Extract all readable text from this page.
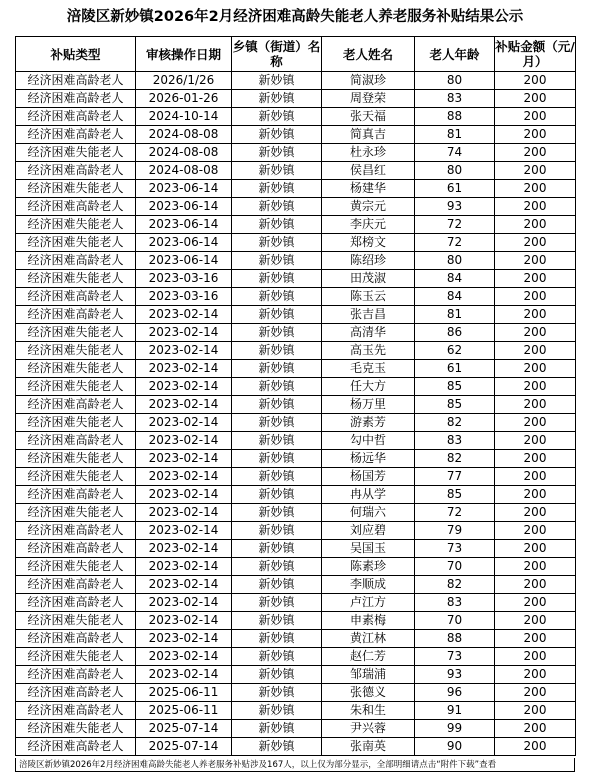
涪陵区新妙镇2026年2月经济困难高龄失能老人养老服务补贴结果公示
补贴类型	审核操作日期	乡镇（街道）名称	老人姓名	老人年龄	补贴金额（元/月）
经济困难高龄老人	2026/1/26	新妙镇	简淑珍	80	200
经济困难高龄老人	2026-01-26	新妙镇	周登荣	83	200
经济困难高龄老人	2024-10-14	新妙镇	张天福	88	200
经济困难高龄老人	2024-08-08	新妙镇	简真吉	81	200
经济困难失能老人	2024-08-08	新妙镇	杜永珍	74	200
经济困难高龄老人	2024-08-08	新妙镇	侯昌红	80	200
经济困难失能老人	2023-06-14	新妙镇	杨建华	61	200
经济困难高龄老人	2023-06-14	新妙镇	黄宗元	93	200
经济困难失能老人	2023-06-14	新妙镇	李庆元	72	200
经济困难失能老人	2023-06-14	新妙镇	郑榜文	72	200
经济困难高龄老人	2023-06-14	新妙镇	陈绍珍	80	200
经济困难失能老人	2023-03-16	新妙镇	田茂淑	84	200
经济困难高龄老人	2023-03-16	新妙镇	陈玉云	84	200
经济困难高龄老人	2023-02-14	新妙镇	张吉昌	81	200
经济困难失能老人	2023-02-14	新妙镇	高清华	86	200
经济困难失能老人	2023-02-14	新妙镇	高玉先	62	200
经济困难失能老人	2023-02-14	新妙镇	毛克玉	61	200
经济困难失能老人	2023-02-14	新妙镇	任大方	85	200
经济困难高龄老人	2023-02-14	新妙镇	杨万里	85	200
经济困难失能老人	2023-02-14	新妙镇	游素芳	82	200
经济困难高龄老人	2023-02-14	新妙镇	勾中哲	83	200
经济困难失能老人	2023-02-14	新妙镇	杨远华	82	200
经济困难失能老人	2023-02-14	新妙镇	杨国芳	77	200
经济困难高龄老人	2023-02-14	新妙镇	冉从学	85	200
经济困难失能老人	2023-02-14	新妙镇	何瑞六	72	200
经济困难高龄老人	2023-02-14	新妙镇	刘应碧	79	200
经济困难高龄老人	2023-02-14	新妙镇	吴国玉	73	200
经济困难失能老人	2023-02-14	新妙镇	陈素珍	70	200
经济困难高龄老人	2023-02-14	新妙镇	李顺成	82	200
经济困难高龄老人	2023-02-14	新妙镇	卢江方	83	200
经济困难失能老人	2023-02-14	新妙镇	申素梅	70	200
经济困难高龄老人	2023-02-14	新妙镇	黄江林	88	200
经济困难失能老人	2023-02-14	新妙镇	赵仁芳	73	200
经济困难高龄老人	2023-02-14	新妙镇	邹瑞浦	93	200
经济困难高龄老人	2025-06-11	新妙镇	张德义	96	200
经济困难高龄老人	2025-06-11	新妙镇	朱和生	91	200
经济困难失能老人	2025-07-14	新妙镇	尹兴蓉	99	200
经济困难高龄老人	2025-07-14	新妙镇	张南英	90	200
涪陵区新妙镇2026年2月经济困难高龄失能老人养老服务补贴涉及167人，以上仅为部分显示，全部明细请点击“附件下载”查看
